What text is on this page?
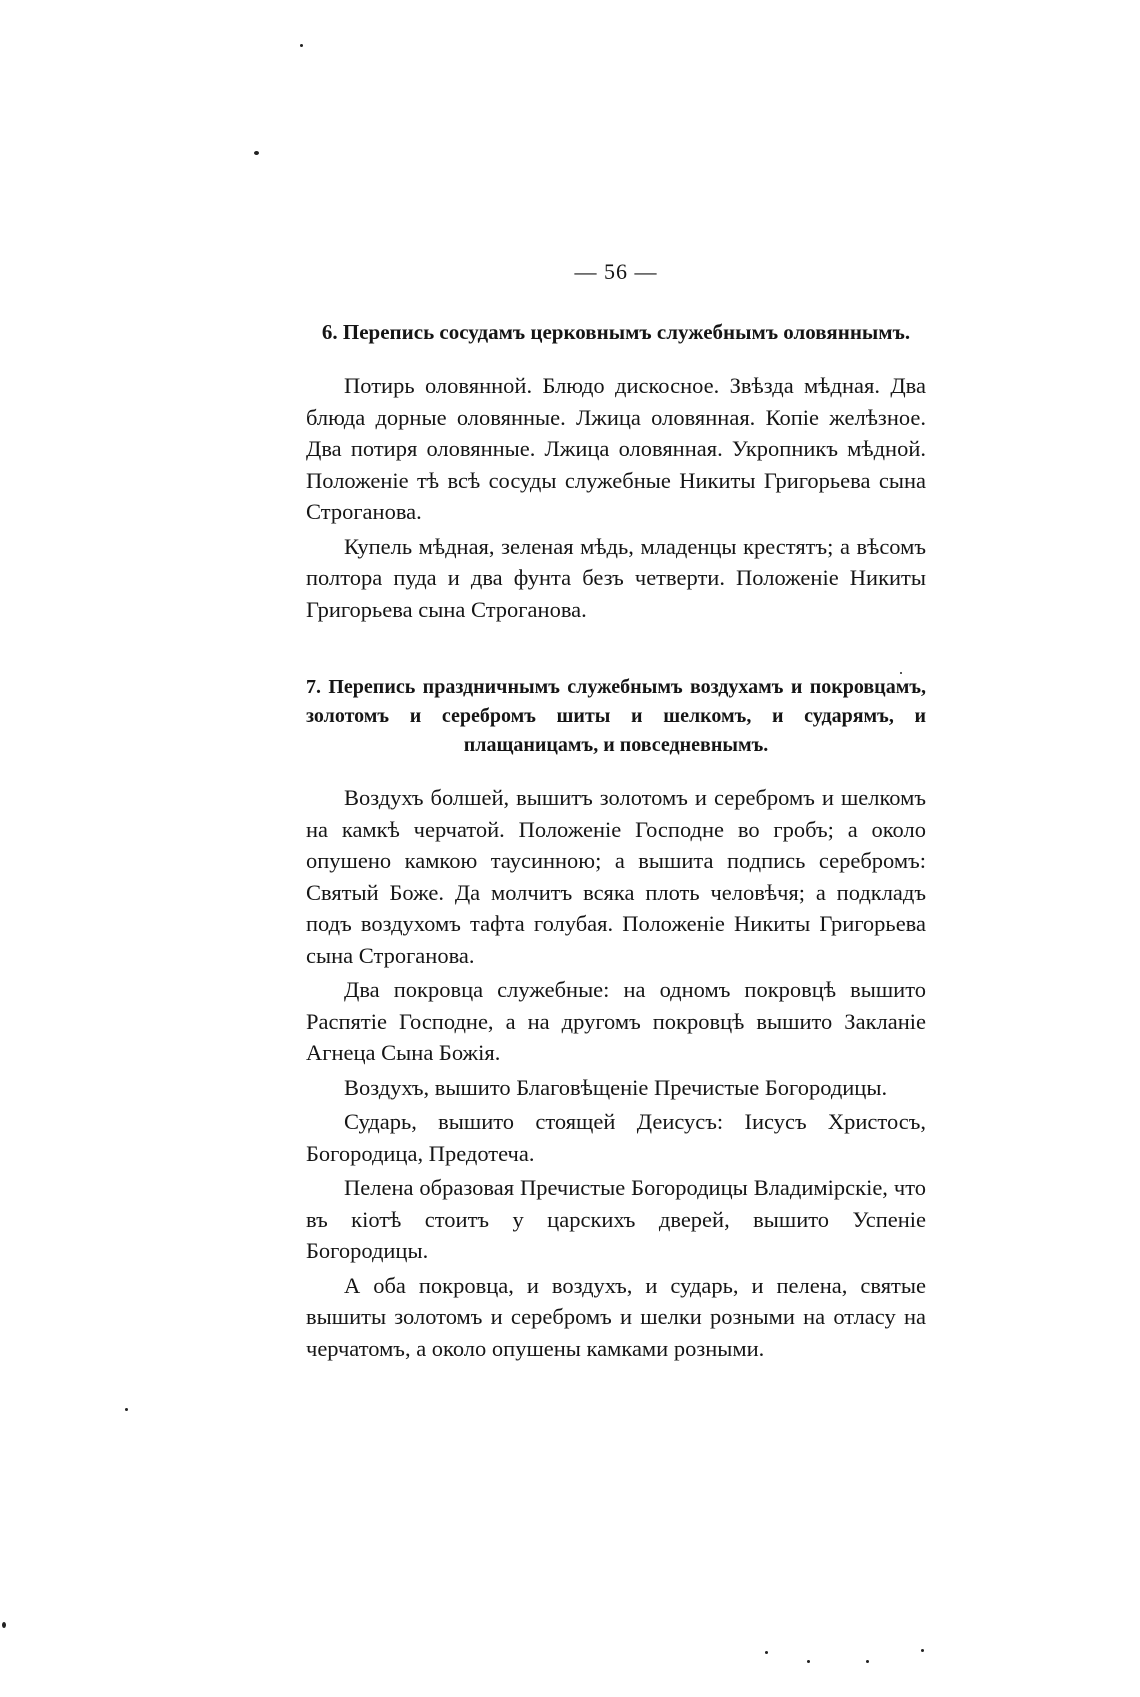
— 56 —
6. Перепись сосудамъ церковнымъ служебнымъ оловяннымъ.

Потирь оловянной. Блюдо дискосное. Звѣзда мѣдная. Два блюда дорные оловянные. Лжица оловянная. Копіе желѣзное. Два потиря оловянные. Лжица оловянная. Укропникъ мѣдной. Положеніе тѣ всѣ сосуды служебные Никиты Григорьева сына Строганова.

Купель мѣдная, зеленая мѣдь, младенцы крестятъ; а вѣсомъ полтора пуда и два фунта безъ четверти. Положеніе Никиты Григорьева сына Строганова.

7. Перепись праздничнымъ служебнымъ воздухамъ и покровцамъ, золотомъ и серебромъ шиты и шелкомъ, и сударямъ, и плащаницамъ, и повседневнымъ.

Воздухъ болшей, вышитъ золотомъ и серебромъ и шелкомъ на камкѣ черчатой. Положеніе Господне во гробъ; а около опушено камкою таусинною; а вышита подпись серебромъ: Святый Боже. Да молчитъ всяка плоть человѣчя; а подкладъ подъ воздухомъ тафта голубая. Положеніе Никиты Григорьева сына Строганова.

Два покровца служебные: на одномъ покровцѣ вышито Распятіе Господне, а на другомъ покровцѣ вышито Закланіе Агнеца Сына Божія.

Воздухъ, вышито Благовѣщеніе Пречистые Богородицы.

Сударь, вышито стоящей Деисусъ: Іисусъ Христосъ, Богородица, Предотеча.

Пелена образовая Пречистые Богородицы Владимірскіе, что въ кіотѣ стоитъ у царскихъ дверей, вышито Успеніе Богородицы.

А оба покровца, и воздухъ, и сударь, и пелена, святые вышиты золотомъ и серебромъ и шелки розными на отласу на черчатомъ, а около опушены камками розными.
